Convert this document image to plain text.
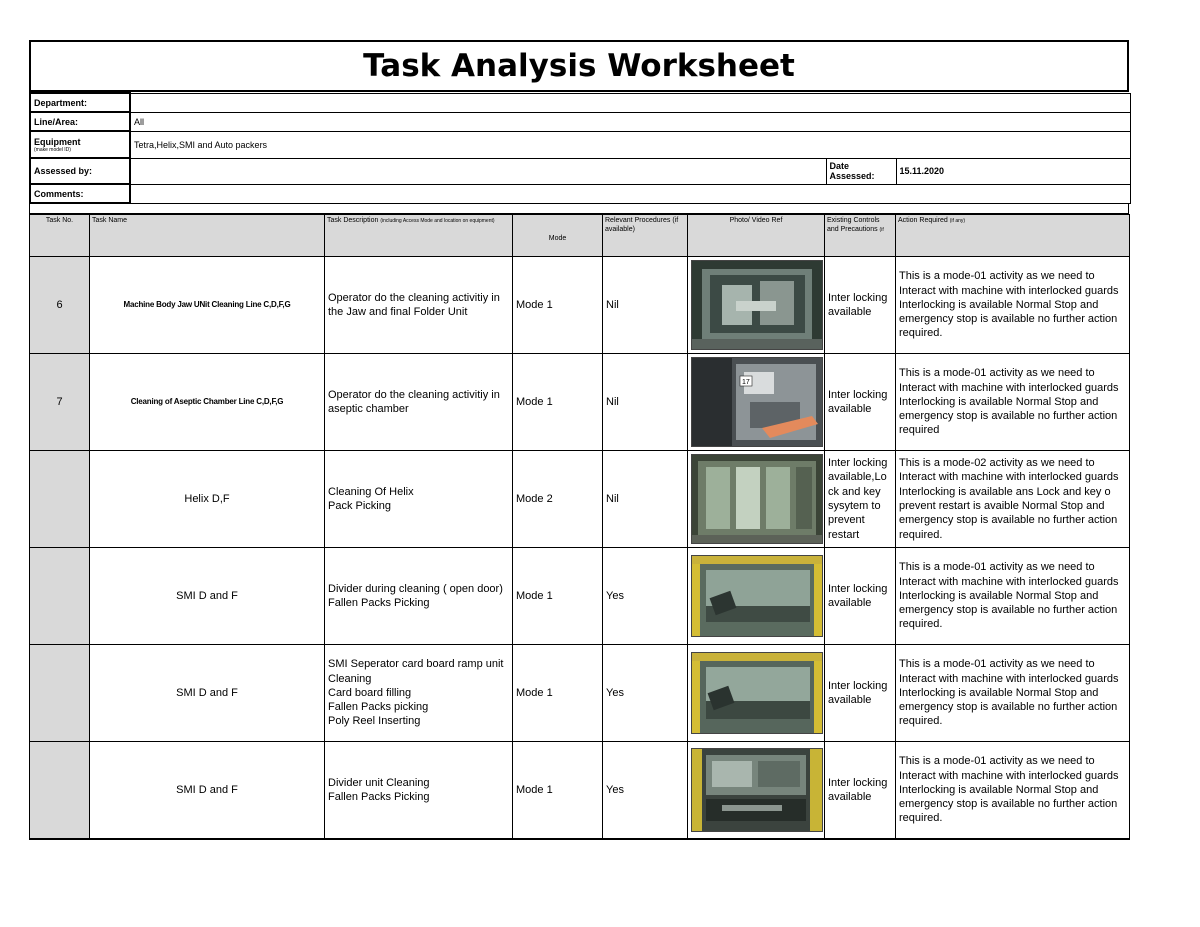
Task Analysis Worksheet
Department:			
Line/Area:	All		
Equipment
(make model ID)	Tetra,Helix,SMI and Auto packers		
Assessed by:		Date Assessed:	15.11.2020
Comments:			
Task No.	Task Name	Task Description (including Access Mode and location on equipment)	Mode	Relevant Procedures (if available)	Photo/ Video Ref	Existing Controls and Precautions (if	Action Required (if any)
6	Machine Body Jaw UNit Cleaning Line C,D,F,G	Operator do the cleaning activitiy in the Jaw and final Folder Unit	Mode 1	Nil		Inter locking available	This is a mode-01 activity as we need to Interact with machine with interlocked guards Interlocking is available Normal Stop and emergency stop is available no further action required.
7	Cleaning of Aseptic Chamber Line C,D,F,G	Operator do the cleaning activitiy in aseptic chamber	Mode 1	Nil	17	Inter locking available	This is a mode-01 activity as we need to Interact with machine with interlocked guards Interlocking is available Normal Stop and emergency stop is available no further action required
	Helix D,F	Cleaning Of Helix
Pack Picking	Mode 2	Nil		Inter locking available,Lo ck and key sysytem to prevent restart	This is a mode-02 activity as we need to Interact with machine with interlocked guards Interlocking is available ans Lock and key o prevent restart is avaible Normal Stop and emergency stop is available no further action required.
	SMI D and F	Divider during cleaning ( open door)
Fallen Packs Picking	Mode 1	Yes		Inter locking available	This is a mode-01 activity as we need to Interact with machine with interlocked guards Interlocking is available Normal Stop and emergency stop is available no further action required.
	SMI D and F	SMI Seperator card board ramp unit Cleaning
Card board filling
Fallen Packs picking
Poly Reel Inserting	Mode 1	Yes		Inter locking available	This is a mode-01 activity as we need to Interact with machine with interlocked guards Interlocking is available Normal Stop and emergency stop is available no further action required.
	SMI D and F	Divider unit Cleaning
Fallen Packs Picking	Mode 1	Yes		Inter locking available	This is a mode-01 activity as we need to Interact with machine with interlocked guards Interlocking is available Normal Stop and emergency stop is available no further action required.
